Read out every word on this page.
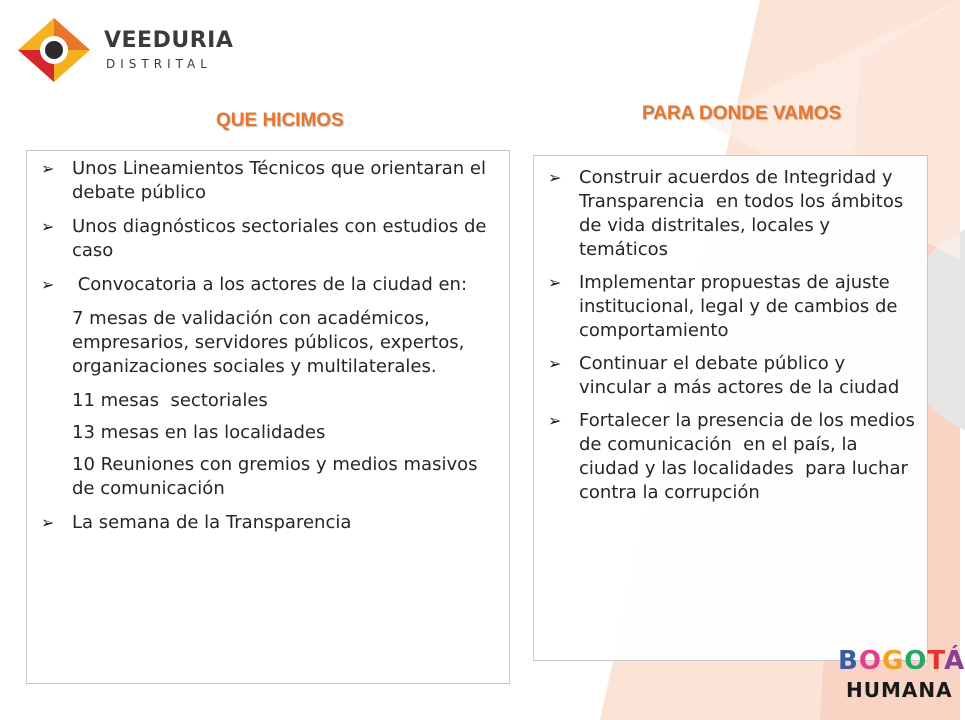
VEEDURIA
DISTRITAL
QUE HICIMOS	PARA DONDE VAMOS
➢ Unos Lineamientos Técnicos que orientaran el debate público
➢ Unos diagnósticos sectoriales con estudios de caso
➢ Convocatoria a los actores de la ciudad en:
7 mesas de validación con académicos, empresarios, servidores públicos, expertos, organizaciones sociales y multilaterales.
11 mesas  sectoriales
13 mesas en las localidades
10 Reuniones con gremios y medios masivos de comunicación
➢ La semana de la Transparencia
➢ Construir acuerdos de Integridad y Transparencia  en todos los ámbitos de vida distritales, locales y temáticos
➢ Implementar propuestas de ajuste institucional, legal y de cambios de  comportamiento
➢ Continuar el debate público y vincular a más actores de la ciudad
➢ Fortalecer la presencia de los medios de comunicación  en el país, la ciudad y las localidades  para luchar contra la corrupción
BOGOTÁ
HUMANA
